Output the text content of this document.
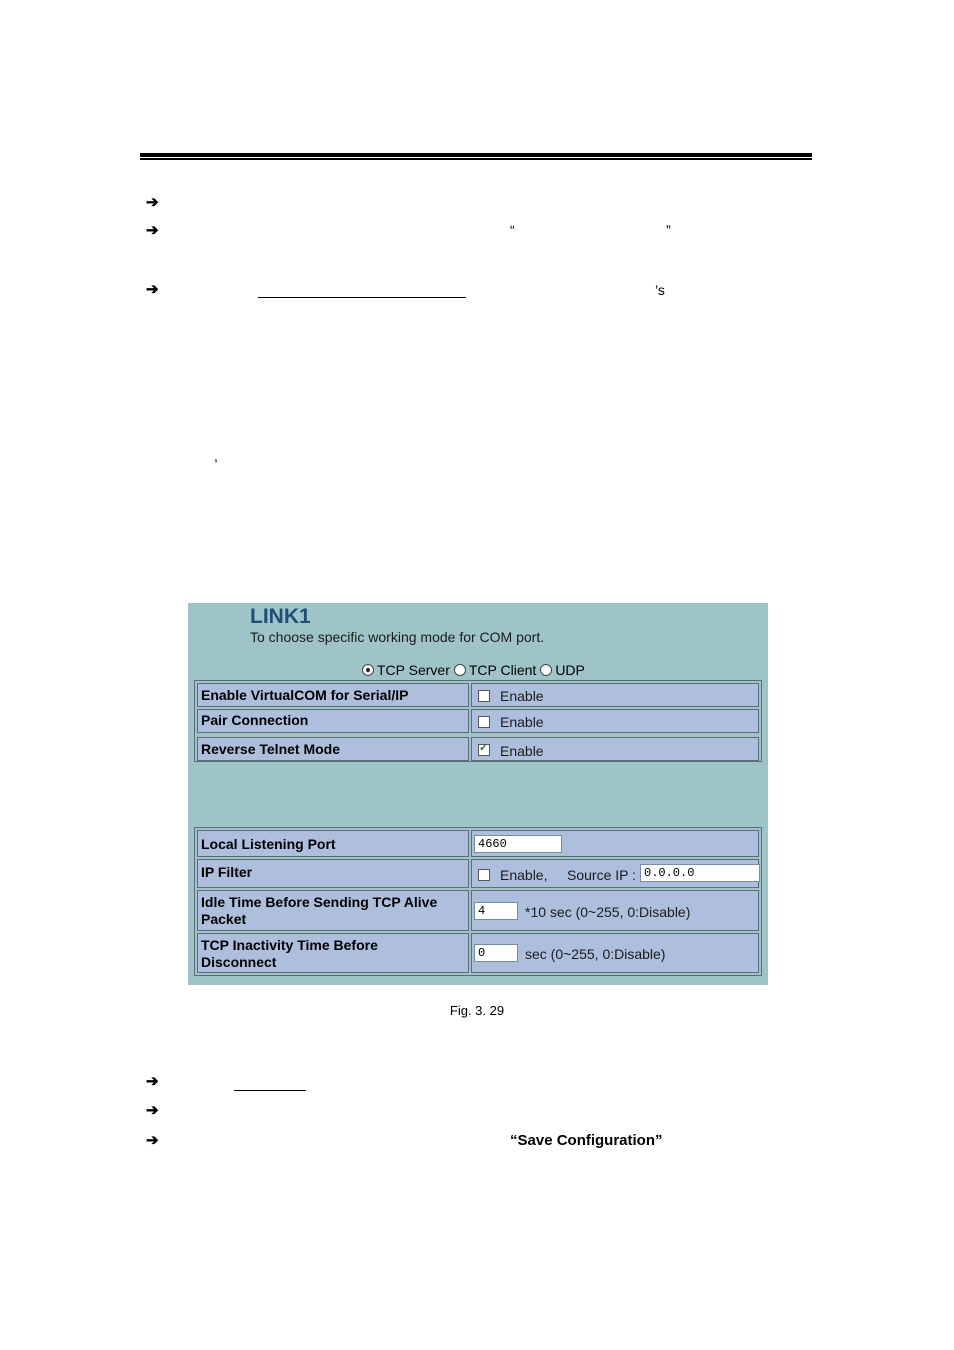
➔
➔	“	”
➔	’s
,
LINK1
To choose specific working mode for COM port.
TCP Server TCP Client UDP
Enable VirtualCOM for Serial/IP	Enable
Pair Connection	Enable
Reverse Telnet Mode
✓	Enable
Local Listening Port	4660
IP Filter	Enable, Source IP : 0.0.0.0
Idle Time Before Sending TCP Alive
Packet	4	*10 sec (0~255, 0:Disable)
TCP Inactivity Time Before
Disconnect
0	sec (0~255, 0:Disable)
Fig. 3. 29
➔
➔
➔	“Save Configuration”
